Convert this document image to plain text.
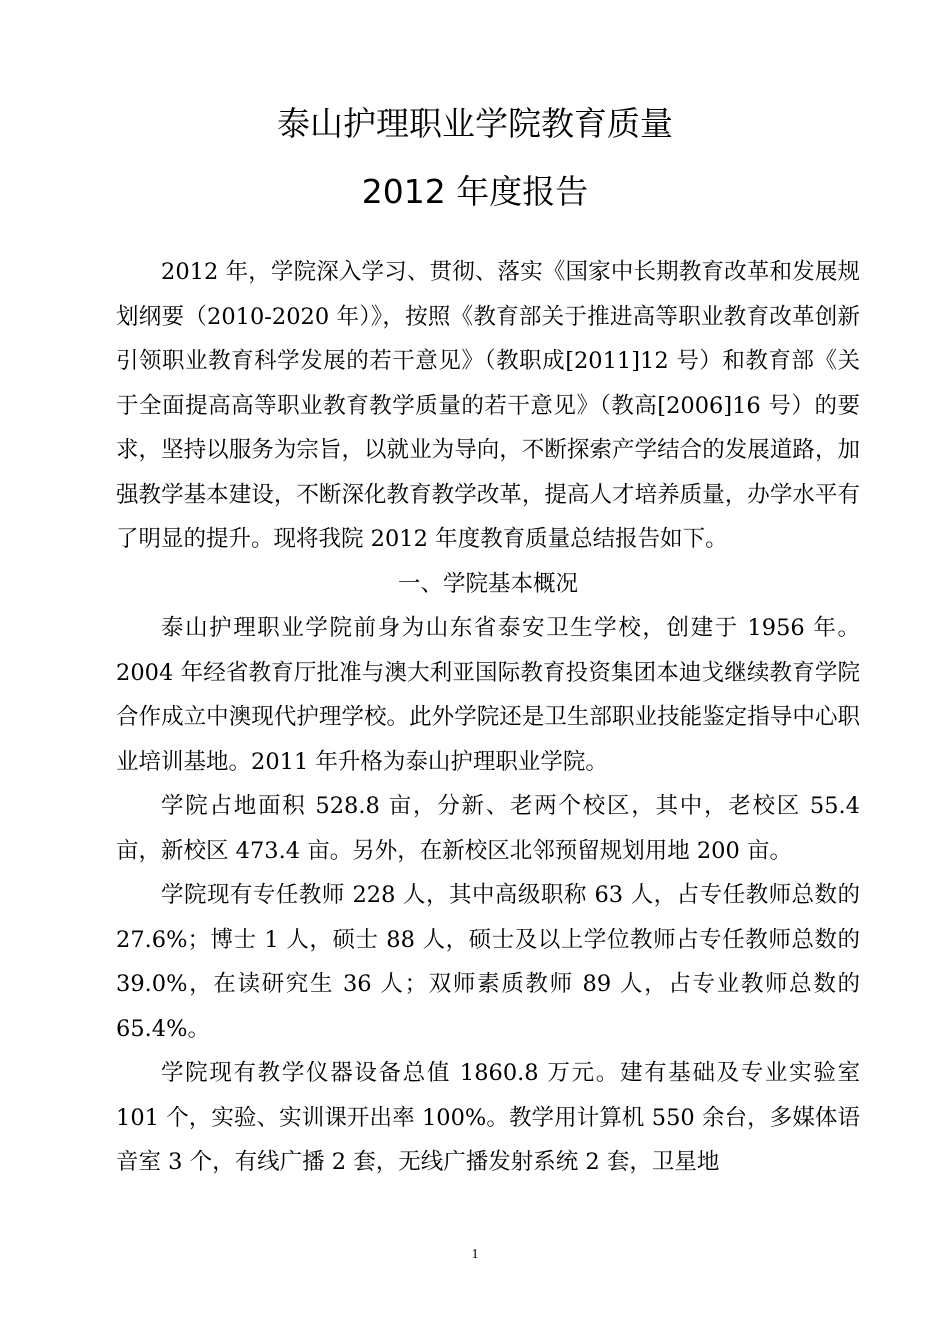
泰山护理职业学院教育质量
2012 年度报告

2012 年，学院深入学习、贯彻、落实《国家中长期教育改革和发展规划纲要（2010-2020 年）》，按照《教育部关于推进高等职业教育改革创新 引领职业教育科学发展的若干意见》（教职成[2011]12 号）和教育部《关于全面提高高等职业教育教学质量的若干意见》（教高[2006]16 号）的要求，坚持以服务为宗旨，以就业为导向，不断探索产学结合的发展道路，加强教学基本建设，不断深化教育教学改革，提高人才培养质量，办学水平有了明显的提升。现将我院 2012 年度教育质量总结报告如下。

一、学院基本概况

泰山护理职业学院前身为山东省泰安卫生学校，创建于 1956 年。2004 年经省教育厅批准与澳大利亚国际教育投资集团本迪戈继续教育学院合作成立中澳现代护理学校。此外学院还是卫生部职业技能鉴定指导中心职业培训基地。2011 年升格为泰山护理职业学院。

学院占地面积 528.8 亩，分新、老两个校区，其中，老校区 55.4 亩，新校区 473.4 亩。另外，在新校区北邻预留规划用地 200 亩。

学院现有专任教师 228 人，其中高级职称 63 人，占专任教师总数的 27.6%；博士 1 人，硕士 88 人，硕士及以上学位教师占专任教师总数的 39.0%，在读研究生 36 人；双师素质教师 89 人，占专业教师总数的 65.4%。

学院现有教学仪器设备总值 1860.8 万元。建有基础及专业实验室 101 个，实验、实训课开出率 100%。教学用计算机 550 余台，多媒体语音室 3 个，有线广播 2 套，无线广播发射系统 2 套，卫星地

1
